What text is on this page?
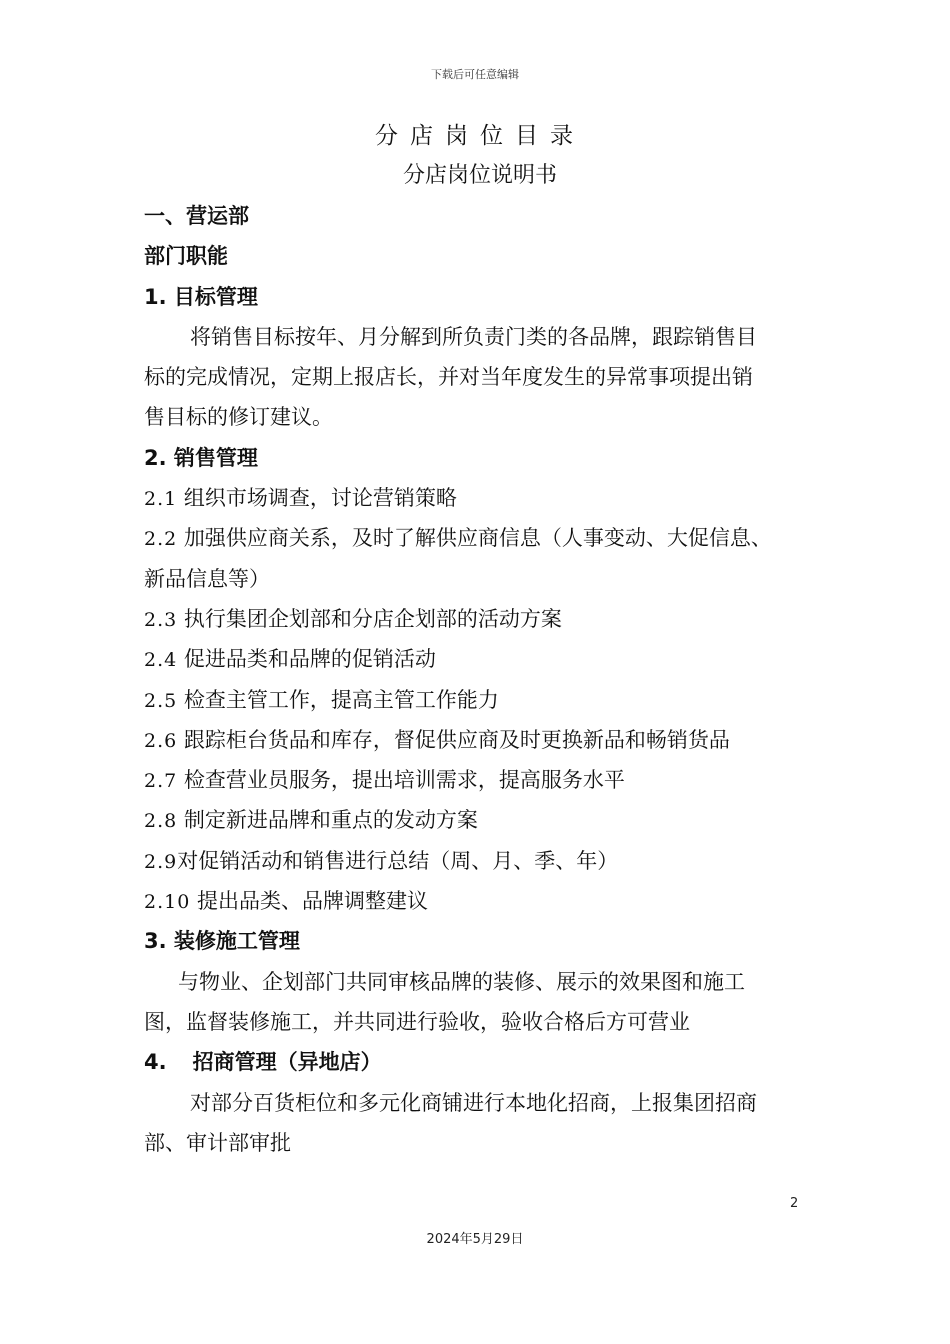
下载后可任意编辑
分店岗位目录
分店岗位说明书
一、营运部
部门职能
1. 目标管理
将销售目标按年、月分解到所负责门类的各品牌，跟踪销售目
标的完成情况，定期上报店长，并对当年度发生的异常事项提出销
售目标的修订建议。
2. 销售管理
2.1 组织市场调查，讨论营销策略
2.2 加强供应商关系，及时了解供应商信息（人事变动、大促信息、
新品信息等）
2.3 执行集团企划部和分店企划部的活动方案
2.4 促进品类和品牌的促销活动
2.5 检查主管工作，提高主管工作能力
2.6 跟踪柜台货品和库存，督促供应商及时更换新品和畅销货品
2.7 检查营业员服务，提出培训需求，提高服务水平
2.8 制定新进品牌和重点的发动方案
2.9对促销活动和销售进行总结（周、月、季、年）
2.10 提出品类、品牌调整建议
3. 装修施工管理
与物业、企划部门共同审核品牌的装修、展示的效果图和施工
图，监督装修施工，并共同进行验收，验收合格后方可营业
4. 招商管理（异地店）
对部分百货柜位和多元化商铺进行本地化招商，上报集团招商
部、审计部审批
2
2024年5月29日
